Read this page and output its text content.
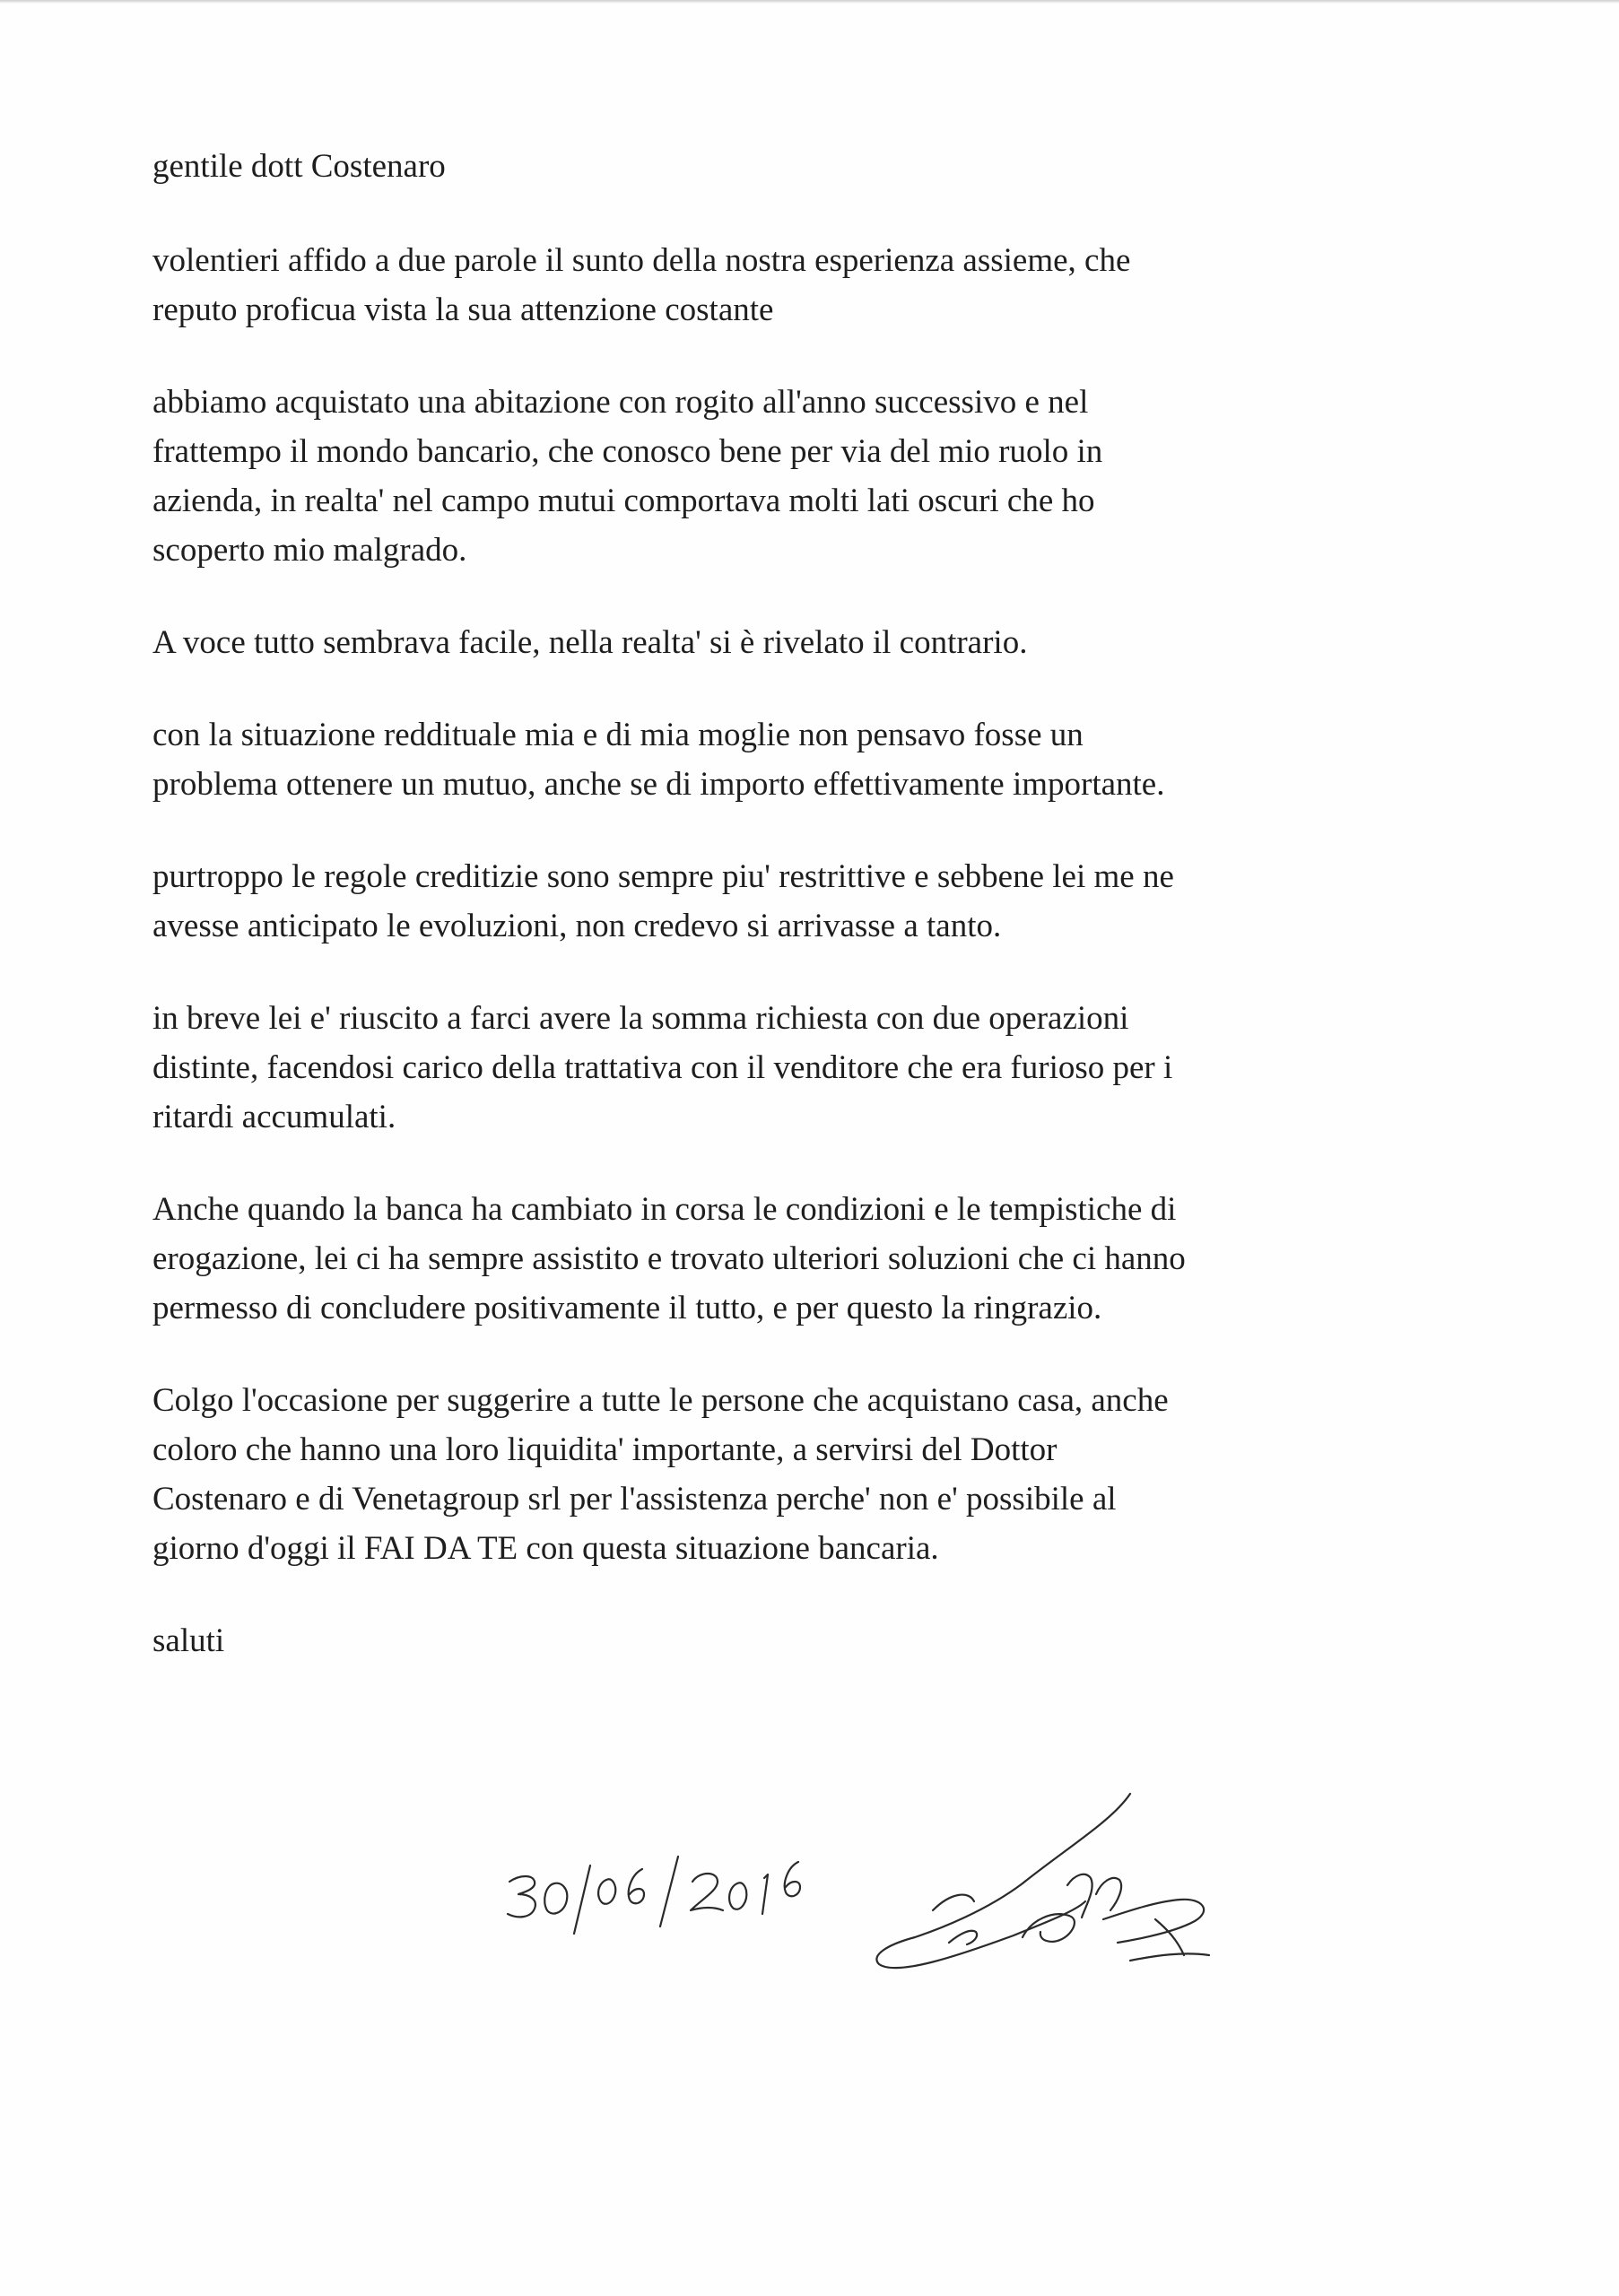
gentile dott Costenaro

volentieri affido a due parole il sunto della nostra esperienza assieme, che
reputo proficua vista la sua attenzione costante

abbiamo acquistato una abitazione con rogito all'anno successivo e nel
frattempo il mondo bancario, che conosco bene per via del mio ruolo in
azienda, in realta' nel campo mutui comportava molti lati oscuri che ho
scoperto mio malgrado.

A voce tutto sembrava facile, nella realta' si è rivelato il contrario.

con la situazione reddituale mia e di mia moglie non pensavo fosse un
problema ottenere un mutuo, anche se di importo effettivamente importante.

purtroppo le regole creditizie sono sempre piu' restrittive e sebbene lei me ne
avesse anticipato le evoluzioni, non credevo si arrivasse a tanto.

in breve lei e' riuscito a farci avere la somma richiesta con due operazioni
distinte, facendosi carico della trattativa con il venditore che era furioso per i
ritardi accumulati.

Anche quando la banca ha cambiato in corsa le condizioni e le tempistiche di
erogazione, lei ci ha sempre assistito e trovato ulteriori soluzioni che ci hanno
permesso di concludere positivamente il tutto, e per questo la ringrazio.

Colgo l'occasione per suggerire a tutte le persone che acquistano casa, anche
coloro che hanno una loro liquidita' importante, a servirsi del Dottor
Costenaro e di Venetagroup srl per l'assistenza perche' non e' possibile al
giorno d'oggi il FAI DA TE con questa situazione bancaria.

saluti
